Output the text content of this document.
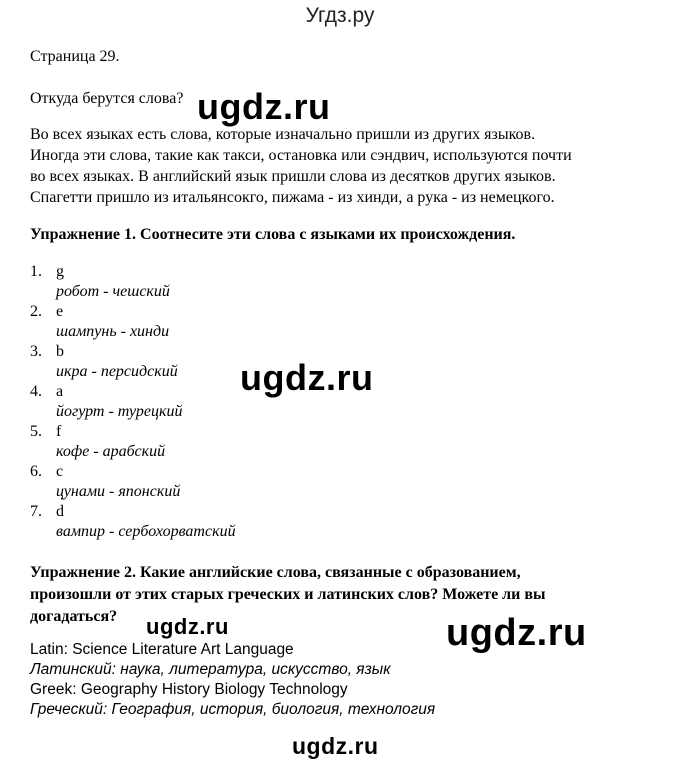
Угдз.ру
Страница 29.
Откуда берутся слова?
Во всех языках есть слова, которые изначально пришли из других языков.
Иногда эти слова, такие как такси, остановка или сэндвич, используются почти
во всех языках. В английский язык пришли слова из десятков других языков.
Спагетти пришло из итальянсокго, пижама - из хинди, а рука - из немецкого.
Упражнение 1. Соотнесите эти слова с языками их происхождения.
1. g
робот - чешский
2. e
шампунь - хинди
3. b
икра - персидский
4. a
йогурт - турецкий
5. f
кофе - арабский
6. c
цунами - японский
7. d
вампир - сербохорватский
Упражнение 2. Какие английские слова, связанные с образованием,
произошли от этих старых греческих и латинских слов? Можете ли вы
догадаться?
Latin: Science Literature Art Language
Латинский: наука, литература, искусство, язык
Greek: Geography History Biology Technology
Греческий: География, история, биология, технология
ugdz.ru
ugdz.ru
ugdz.ru	ugdz.ru
ugdz.ru
